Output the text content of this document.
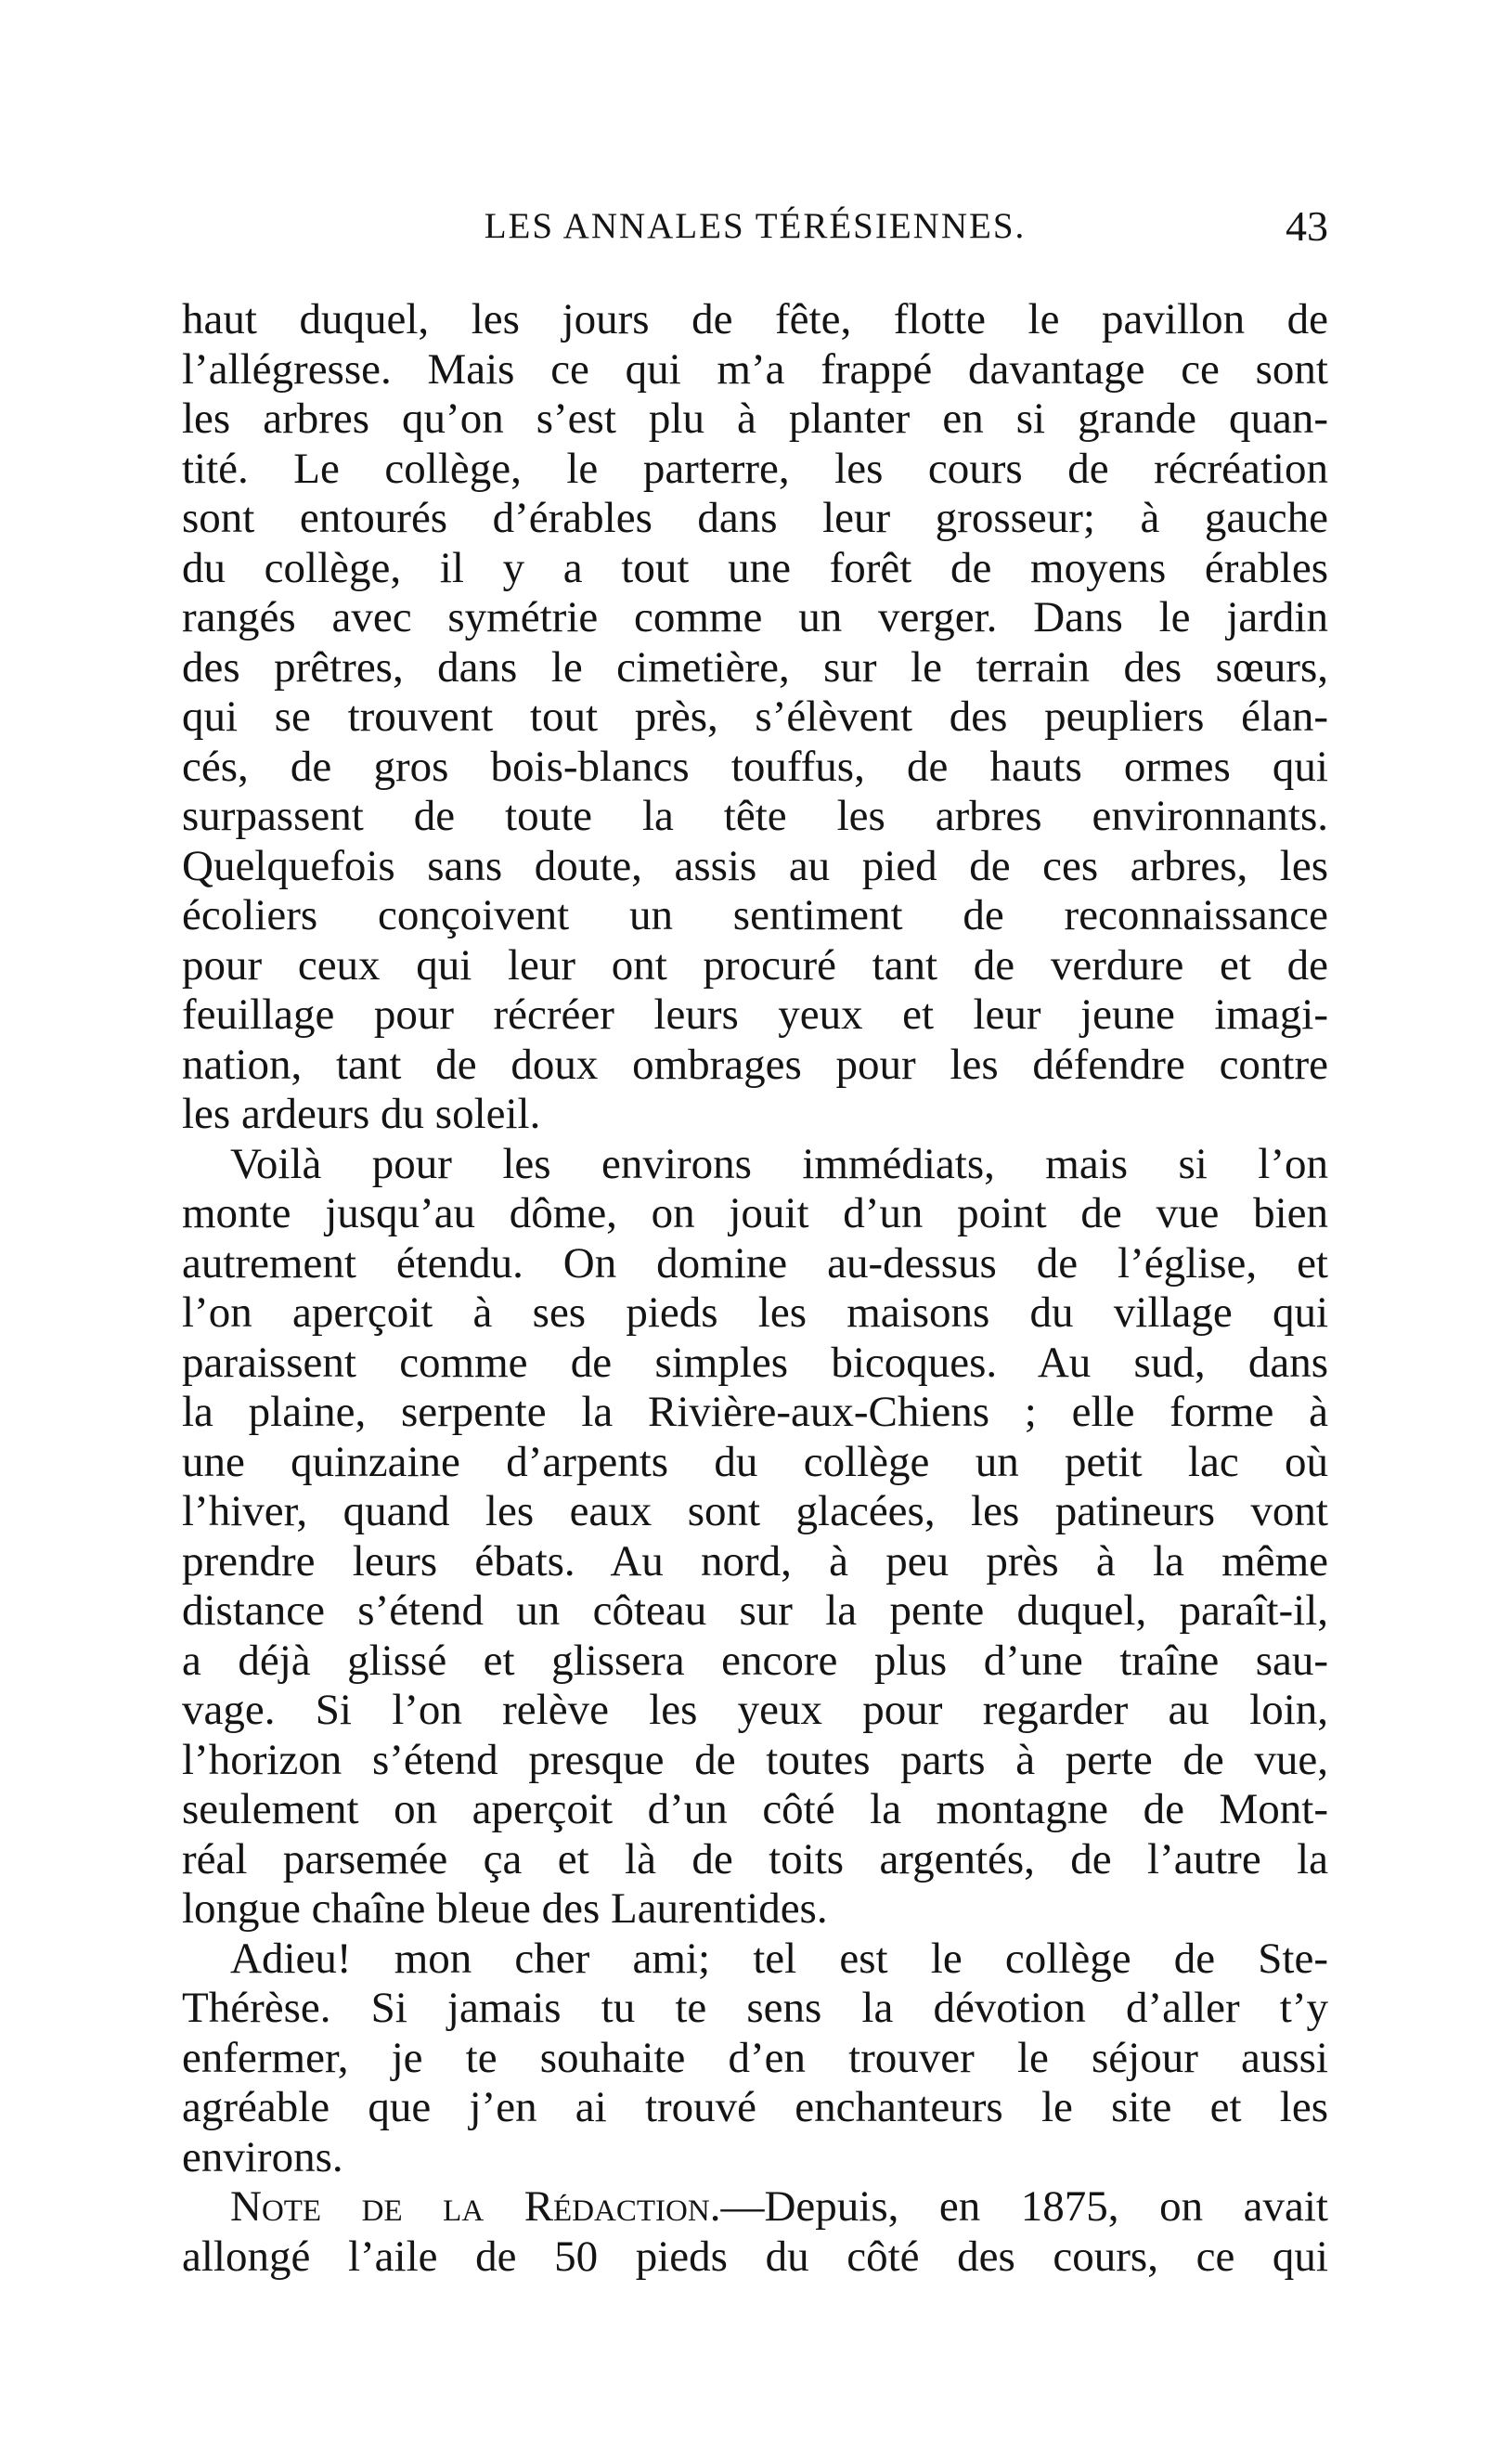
LES ANNALES TÉRÉSIENNES.	43
haut duquel, les jours de fête, flotte le pavillon de
l’allégresse. Mais ce qui m’a frappé davantage ce sont
les arbres qu’on s’est plu à planter en si grande quan-
tité. Le collège, le parterre, les cours de récréation
sont entourés d’érables dans leur grosseur; à gauche
du collège, il y a tout une forêt de moyens érables
rangés avec symétrie comme un verger. Dans le jardin
des prêtres, dans le cimetière, sur le terrain des sœurs,
qui se trouvent tout près, s’élèvent des peupliers élan-
cés, de gros bois-blancs touffus, de hauts ormes qui
surpassent de toute la tête les arbres environnants.
Quelquefois sans doute, assis au pied de ces arbres, les
écoliers conçoivent un sentiment de reconnaissance
pour ceux qui leur ont procuré tant de verdure et de
feuillage pour récréer leurs yeux et leur jeune imagi-
nation, tant de doux ombrages pour les défendre contre
les ardeurs du soleil.
Voilà pour les environs immédiats, mais si l’on
monte jusqu’au dôme, on jouit d’un point de vue bien
autrement étendu. On domine au-dessus de l’église, et
l’on aperçoit à ses pieds les maisons du village qui
paraissent comme de simples bicoques. Au sud, dans
la plaine, serpente la Rivière-aux-Chiens ; elle forme à
une quinzaine d’arpents du collège un petit lac où
l’hiver, quand les eaux sont glacées, les patineurs vont
prendre leurs ébats. Au nord, à peu près à la même
distance s’étend un côteau sur la pente duquel, paraît-il,
a déjà glissé et glissera encore plus d’une traîne sau-
vage. Si l’on relève les yeux pour regarder au loin,
l’horizon s’étend presque de toutes parts à perte de vue,
seulement on aperçoit d’un côté la montagne de Mont-
réal parsemée ça et là de toits argentés, de l’autre la
longue chaîne bleue des Laurentides.
Adieu! mon cher ami; tel est le collège de Ste-
Thérèse. Si jamais tu te sens la dévotion d’aller t’y
enfermer, je te souhaite d’en trouver le séjour aussi
agréable que j’en ai trouvé enchanteurs le site et les
environs.
Note de la Rédaction.—Depuis, en 1875, on avait
allongé l’aile de 50 pieds du côté des cours, ce qui
